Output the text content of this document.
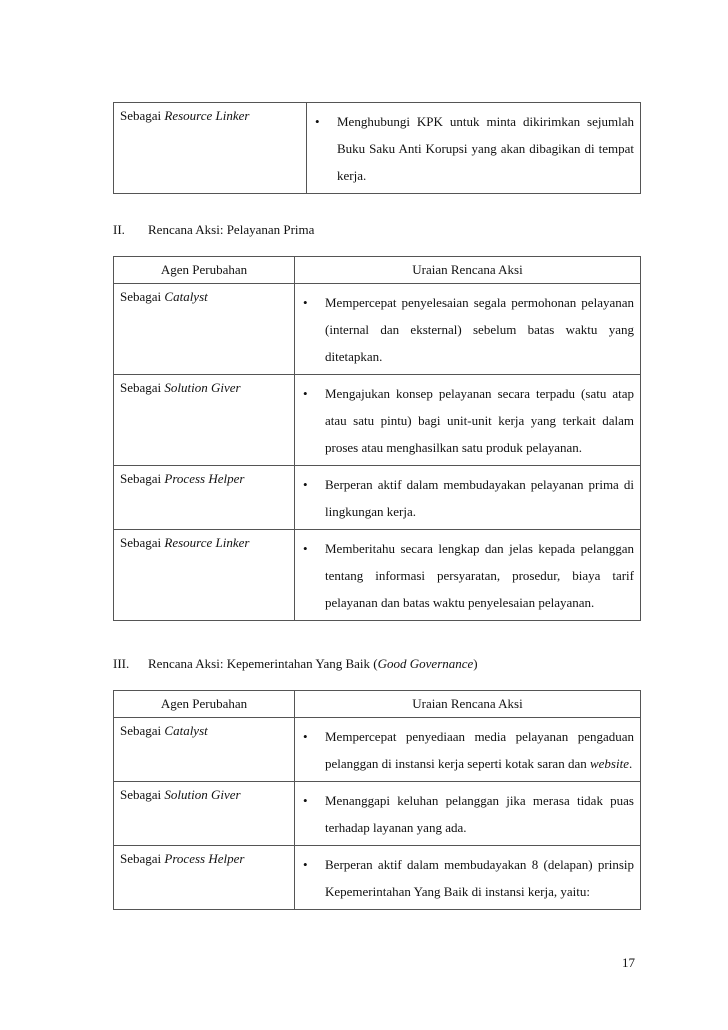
Sebagai Resource Linker	•	Menghubungi KPK untuk minta dikirimkan sejumlah Buku Saku Anti Korupsi yang akan dibagikan di tempat kerja.
II. Rencana Aksi: Pelayanan Prima
Agen Perubahan	Uraian Rencana Aksi
Sebagai Catalyst	• Mempercepat penyelesaian segala permohonan pelayanan (internal dan eksternal) sebelum batas waktu yang ditetapkan.

Sebagai Solution Giver	• Mengajukan konsep pelayanan secara terpadu (satu atap atau satu pintu) bagi unit-unit kerja yang terkait dalam proses atau menghasilkan satu produk pelayanan.

Sebagai Process Helper	• Berperan aktif dalam membudayakan pelayanan prima di lingkungan kerja.

Sebagai Resource Linker	• Memberitahu secara lengkap dan jelas kepada pelanggan tentang informasi persyaratan, prosedur, biaya tarif pelayanan dan batas waktu penyelesaian pelayanan.
III. Rencana Aksi: Kepemerintahan Yang Baik (Good Governance)
Agen Perubahan	Uraian Rencana Aksi
Sebagai Catalyst	• Mempercepat penyediaan media pelayanan pengaduan pelanggan di instansi kerja seperti kotak saran dan website.

Sebagai Solution Giver	• Menanggapi keluhan pelanggan jika merasa tidak puas terhadap layanan yang ada.

Sebagai Process Helper	• Berperan aktif dalam membudayakan 8 (delapan) prinsip Kepemerintahan Yang Baik di instansi kerja, yaitu:
17
